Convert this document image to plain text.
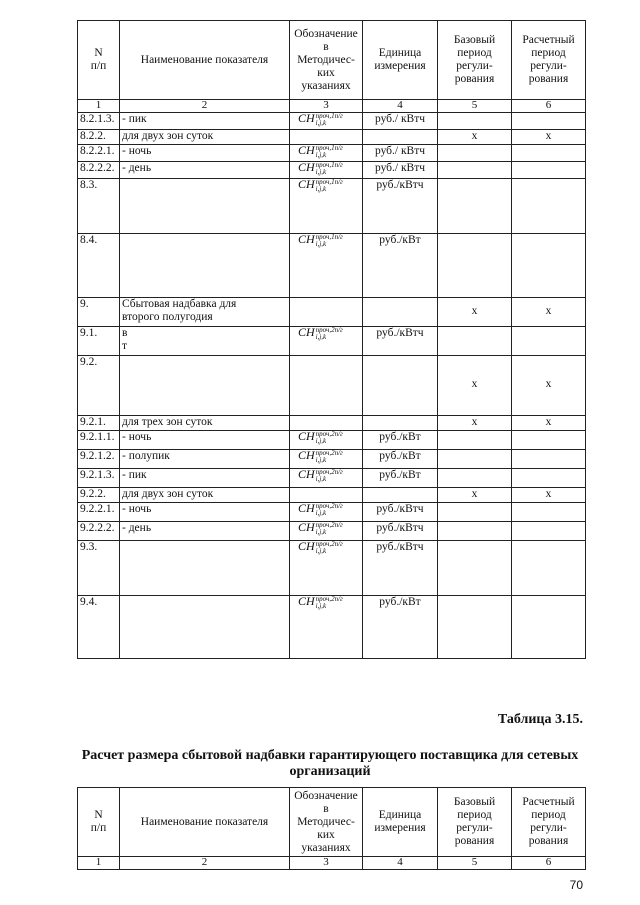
N
п/п	Наименование показателя	Обозначение
в
Методичес-
ких
указаниях	Единица
измерения	Базовый
период
регули-
рования	Расчетный
период
регули-
рования
1	2	3	4	5	6
8.2.1.3.	- пик	CH проч,1п/г
i,j,k	руб./ кВтч		
8.2.2.	для двух зон суток			x	x
8.2.2.1.	- ночь	CH проч,1п/г
i,j,k	руб./ кВтч		
8.2.2.2.	- день	CH проч,1п/г
i,j,k	руб./ кВтч		
8.3.		CH проч,1п/г
i,j,k	руб./кВтч		
8.4.		CH проч,1п/г
i,j,k	руб./кВт		
9.	Сбытовая надбавка для
второго полугодия			x	x
9.1.	в
т	CH проч,2п/г
i,j,k	руб./кВтч		
9.2.				x	x
9.2.1.	для трех зон суток			x	x
9.2.1.1.	- ночь	CH проч,2п/г
i,j,k	руб./кВт		
9.2.1.2.	- полупик	CH проч,2п/г
i,j,k	руб./кВт		
9.2.1.3.	- пик	CH проч,2п/г
i,j,k	руб./кВт		
9.2.2.	для двух зон суток			x	x
9.2.2.1.	- ночь	CH проч,2п/г
i,j,k	руб./кВтч		
9.2.2.2.	- день	CH проч,2п/г
i,j,k	руб./кВтч		
9.3.		CH проч,2п/г
i,j,k	руб./кВтч		
9.4.		CH проч,2п/г
i,j,k	руб./кВт		
Таблица 3.15.
Расчет размера сбытовой надбавки гарантирующего поставщика для сетевых организаций
N
п/п	Наименование показателя	Обозначение
в
Методичес-
ких
указаниях	Единица
измерения	Базовый
период
регули-
рования	Расчетный
период
регули-
рования
1	2	3	4	5	6
70
